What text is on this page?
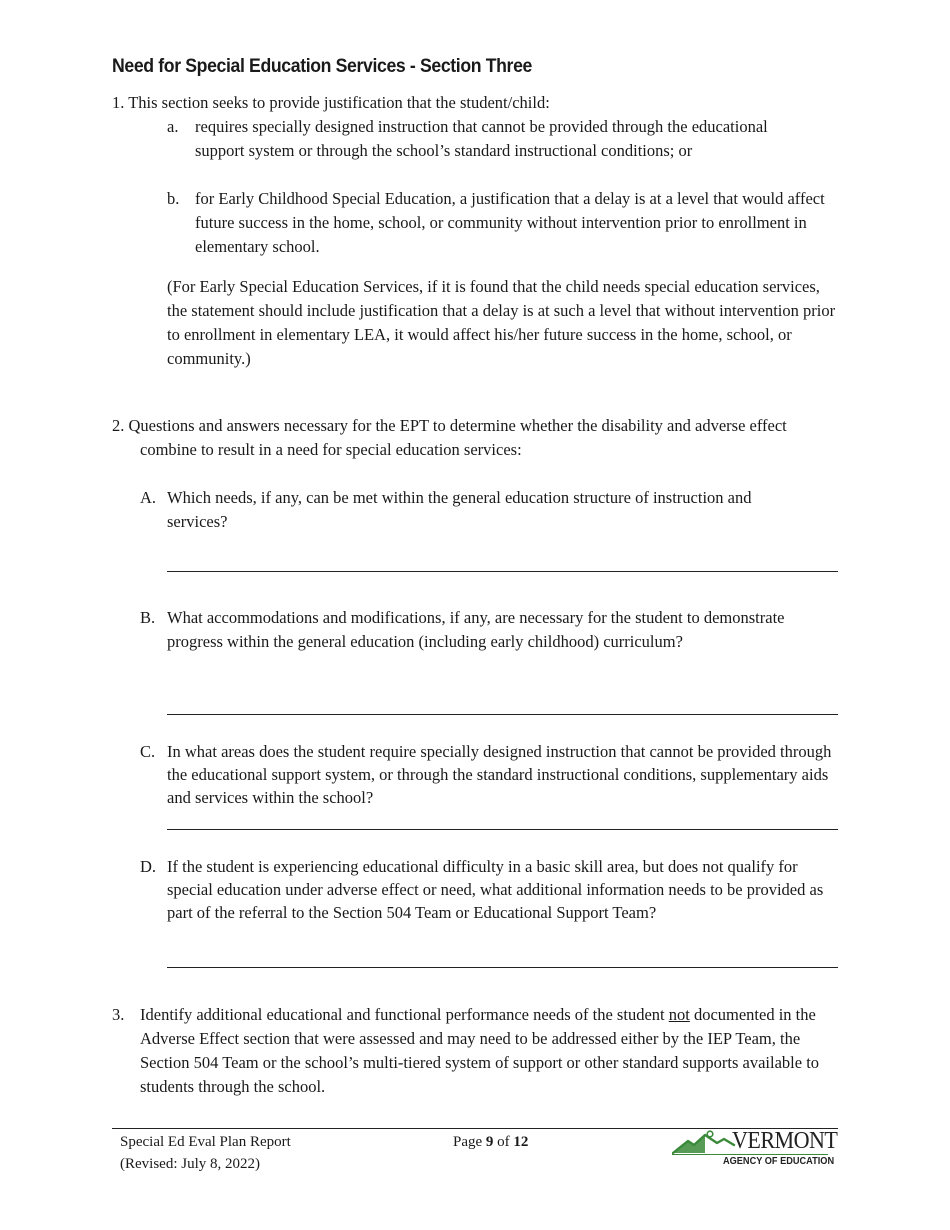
Need for Special Education Services - Section Three
1. This section seeks to provide justification that the student/child:
a. requires specially designed instruction that cannot be provided through the educational support system or through the school’s standard instructional conditions; or
b. for Early Childhood Special Education, a justification that a delay is at a level that would affect future success in the home, school, or community without intervention prior to enrollment in elementary school.
(For Early Special Education Services, if it is found that the child needs special education services, the statement should include justification that a delay is at such a level that without intervention prior to enrollment in elementary LEA, it would affect his/her future success in the home, school, or community.)
2. Questions and answers necessary for the EPT to determine whether the disability and adverse effect combine to result in a need for special education services:
A. Which needs, if any, can be met within the general education structure of instruction and services?
B. What accommodations and modifications, if any, are necessary for the student to demonstrate progress within the general education (including early childhood) curriculum?
C. In what areas does the student require specially designed instruction that cannot be provided through the educational support system, or through the standard instructional conditions, supplementary aids and services within the school?
D. If the student is experiencing educational difficulty in a basic skill area, but does not qualify for special education under adverse effect or need, what additional information needs to be provided as part of the referral to the Section 504 Team or Educational Support Team?
3. Identify additional educational and functional performance needs of the student not documented in the Adverse Effect section that were assessed and may need to be addressed either by the IEP Team, the Section 504 Team or the school’s multi-tiered system of support or other standard supports available to students through the school.
Special Ed Eval Plan Report
(Revised: July 8, 2022)
Page 9 of 12	VERMONT
AGENCY OF EDUCATION
